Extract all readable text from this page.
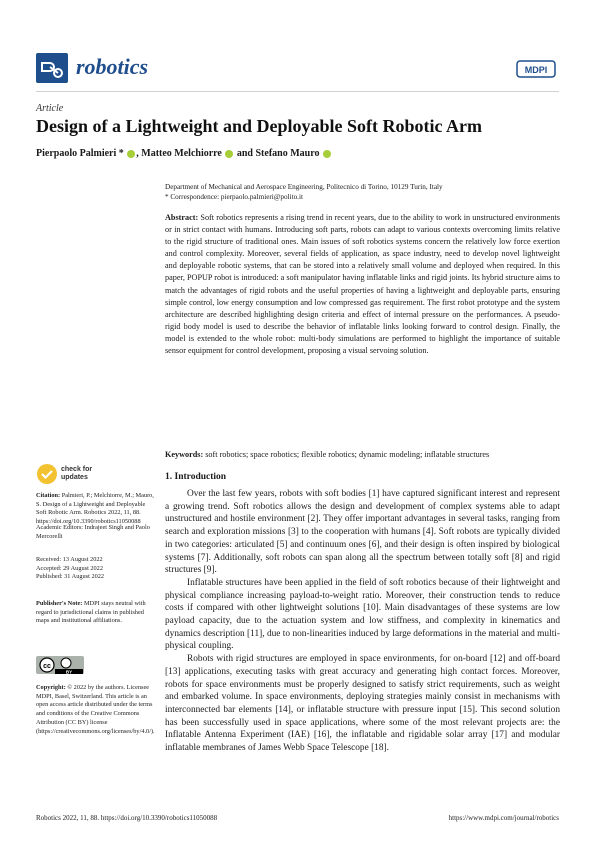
robotics	MDPI
Article
Design of a Lightweight and Deployable Soft Robotic Arm
Pierpaolo Palmieri * , Matteo Melchiorre and Stefano Mauro
Department of Mechanical and Aerospace Engineering, Politecnico di Torino, 10129 Turin, Italy
* Correspondence: pierpaolo.palmieri@polito.it
Abstract: Soft robotics represents a rising trend in recent years, due to the ability to work in unstructured environments or in strict contact with humans. Introducing soft parts, robots can adapt to various contexts overcoming limits relative to the rigid structure of traditional ones. Main issues of soft robotics systems concern the relatively low force exertion and control complexity. Moreover, several fields of application, as space industry, need to develop novel lightweight and deployable robotic systems, that can be stored into a relatively small volume and deployed when required. In this paper, POPUP robot is introduced: a soft manipulator having inflatable links and rigid joints. Its hybrid structure aims to match the advantages of rigid robots and the useful properties of having a lightweight and deployable parts, ensuring simple control, low energy consumption and low compressed gas requirement. The first robot prototype and the system architecture are described highlighting design criteria and effect of internal pressure on the performances. A pseudo-rigid body model is used to describe the behavior of inflatable links looking forward to control design. Finally, the model is extended to the whole robot: multi-body simulations are performed to highlight the importance of suitable sensor equipment for control development, proposing a visual servoing solution.
Keywords: soft robotics; space robotics; flexible robotics; dynamic modeling; inflatable structures
1. Introduction

Over the last few years, robots with soft bodies [1] have captured significant interest and represent a growing trend. Soft robotics allows the design and development of complex systems able to adapt unstructured and hostile environment [2]. They offer important advantages in several tasks, ranging from search and exploration missions [3] to the cooperation with humans [4]. Soft robots are typically divided in two categories: articulated [5] and continuum ones [6], and their design is often inspired by biological systems [7]. Additionally, soft robots can span along all the spectrum between totally soft [8] and rigid structures [9].

Inflatable structures have been applied in the field of soft robotics because of their lightweight and physical compliance increasing payload-to-weight ratio. Moreover, their construction tends to reduce costs if compared with other lightweight solutions [10]. Main disadvantages of these systems are low payload capacity, due to the actuation system and low stiffness, and complexity in kinematics and dynamics description [11], due to non-linearities induced by large deformations in the material and multi-physical coupling.

Robots with rigid structures are employed in space environments, for on-board [12] and off-board [13] applications, executing tasks with great accuracy and generating high contact forces. Moreover, robots for space environments must be properly designed to satisfy strict requirements, such as weight and embarked volume. In space environments, deploying strategies mainly consist in mechanisms with interconnected bar elements [14], or inflatable structure with pressure input [15]. This second solution has been successfully used in space applications, where some of the most relevant projects are: the Inflatable Antenna Experiment (IAE) [16], the inflatable and rigidable solar array [17] and modular inflatable membranes of James Webb Space Telescope [18].

check for
updates
Citation: Palmieri, P.; Melchiorre, M.; Mauro, S. Design of a Lightweight and Deployable Soft Robotic Arm. Robotics 2022, 11, 88. https://doi.org/10.3390/robotics11050088
Academic Editors: Indrajeet Singh and Paolo Mercorelli
Received: 13 August 2022
Accepted: 29 August 2022
Published: 31 August 2022
Publisher's Note: MDPI stays neutral with regard to jurisdictional claims in published maps and institutional affiliations.
cc
BY
Copyright: © 2022 by the authors. Licensee MDPI, Basel, Switzerland. This article is an open access article distributed under the terms and conditions of the Creative Commons Attribution (CC BY) license (https://creativecommons.org/licenses/by/4.0/).
Robotics 2022, 11, 88. https://doi.org/10.3390/robotics11050088	https://www.mdpi.com/journal/robotics
